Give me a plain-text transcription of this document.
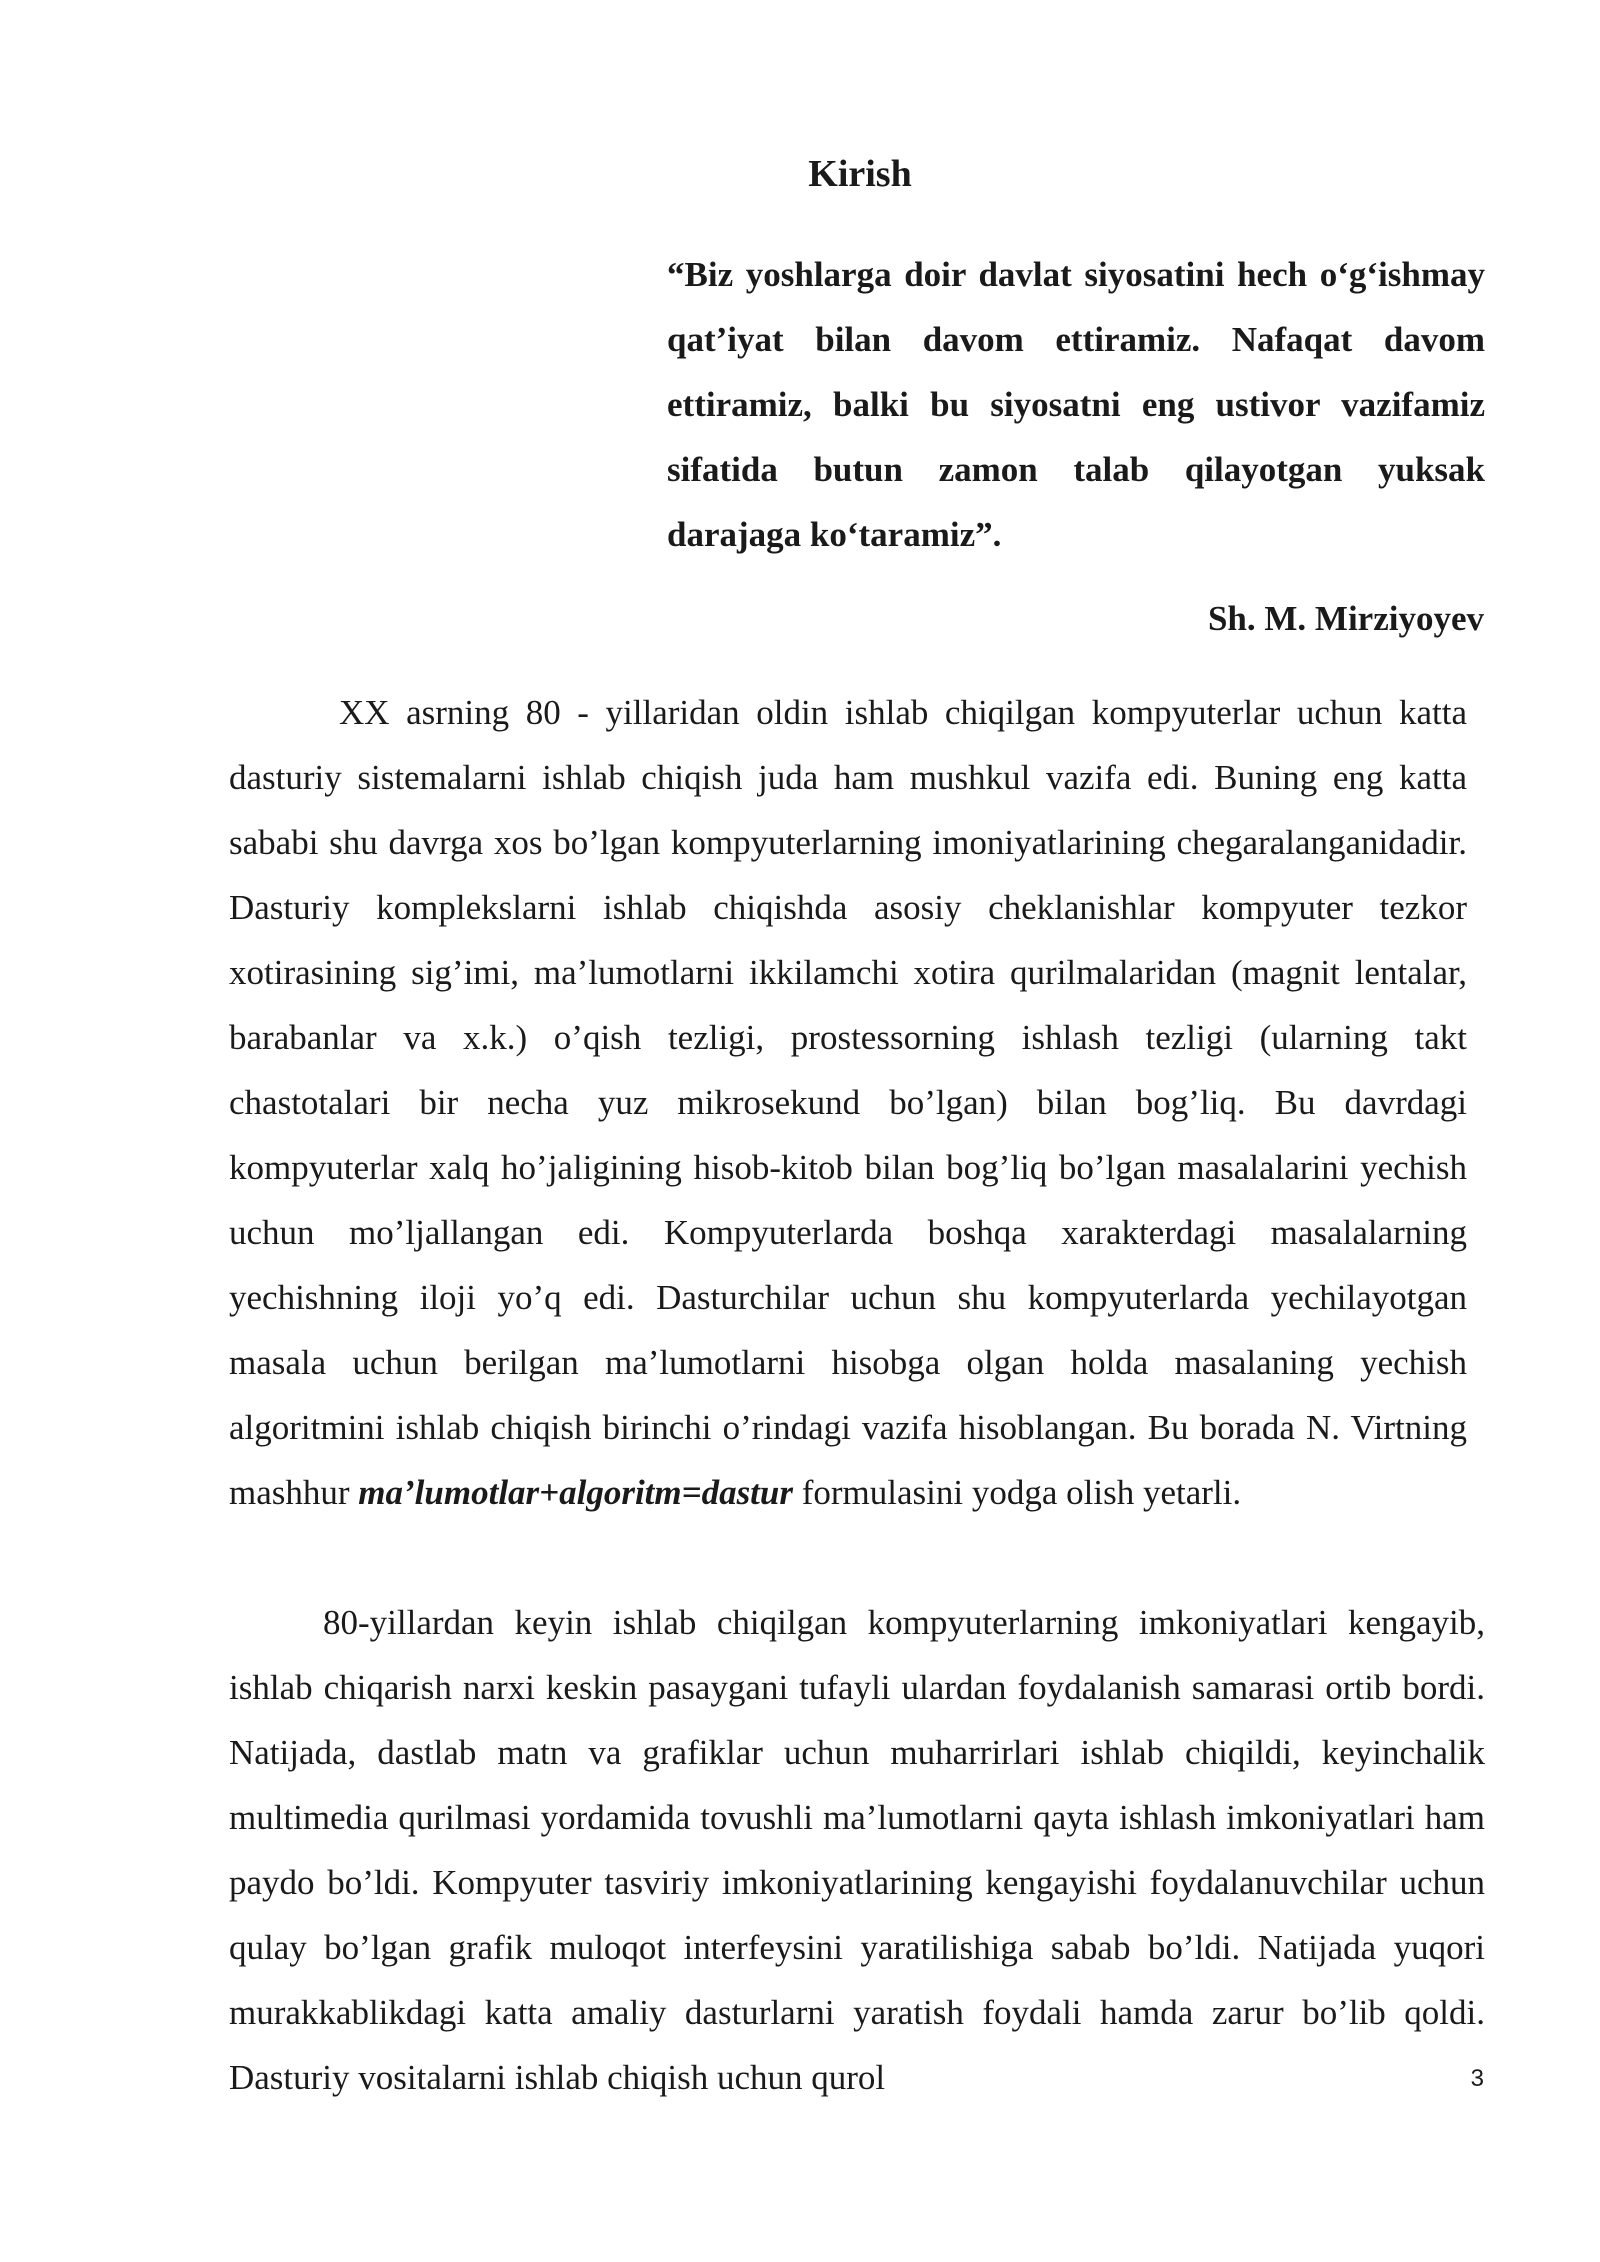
Kirish

“Biz yoshlarga doir davlat siyosatini hech o‘g‘ishmay qat’iyat bilan davom ettiramiz. Nafaqat davom ettiramiz, balki bu siyosatni eng ustivor vazifamiz sifatida butun zamon talab qilayotgan yuksak darajaga ko‘taramiz”.

Sh. M. Mirziyoyev

XX asrning 80 - yillaridan oldin ishlab chiqilgan kompyuterlar uchun katta dasturiy sistemalarni ishlab chiqish juda ham mushkul vazifa edi. Buning eng katta sababi shu davrga xos bo’lgan kompyuterlarning imoniyatlarining chegaralanganidadir. Dasturiy komplekslarni ishlab chiqishda asosiy cheklanishlar kompyuter tezkor xotirasining sig’imi, ma’lumotlarni ikkilamchi xotira qurilmalaridan (magnit lentalar, barabanlar va x.k.) o’qish tezligi, prostessorning ishlash tezligi (ularning takt chastotalari bir necha yuz mikrosekund bo’lgan) bilan bog’liq. Bu davrdagi kompyuterlar xalq ho’jaligining hisob-kitob bilan bog’liq bo’lgan masalalarini yechish uchun mo’ljallangan edi. Kompyuterlarda boshqa xarakterdagi masalalarning yechishning iloji yo’q edi. Dasturchilar uchun shu kompyuterlarda yechilayotgan masala uchun berilgan ma’lumotlarni hisobga olgan holda masalaning yechish algoritmini ishlab chiqish birinchi o’rindagi vazifa hisoblangan. Bu borada N. Virtning mashhur ma’lumotlar+algoritm=dastur formulasini yodga olish yetarli.

80-yillardan keyin ishlab chiqilgan kompyuterlarning imkoniyatlari kengayib, ishlab chiqarish narxi keskin pasaygani tufayli ulardan foydalanish samarasi ortib bordi. Natijada, dastlab matn va grafiklar uchun muharrirlari ishlab chiqildi, keyinchalik multimedia qurilmasi yordamida tovushli ma’lumotlarni qayta ishlash imkoniyatlari ham paydo bo’ldi. Kompyuter tasviriy imkoniyatlarining kengayishi foydalanuvchilar uchun qulay bo’lgan grafik muloqot interfeysini yaratilishiga sabab bo’ldi. Natijada yuqori murakkablikdagi katta amaliy dasturlarni yaratish foydali hamda zarur bo’lib qoldi. Dasturiy vositalarni ishlab chiqish uchun qurol	3
